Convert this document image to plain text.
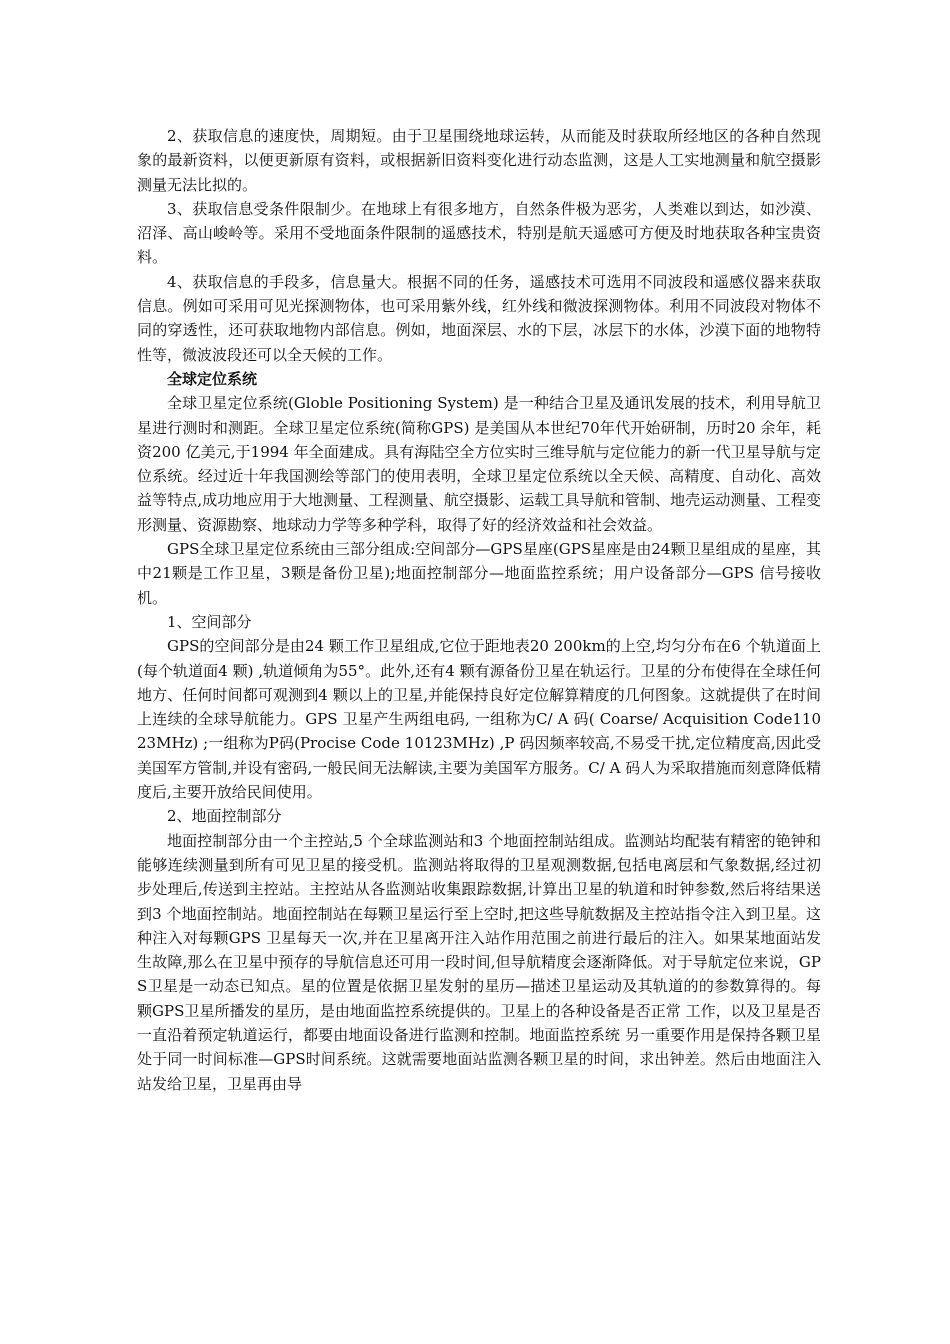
2、获取信息的速度快，周期短。由于卫星围绕地球运转，从而能及时获取所经地区的各种自然现象的最新资料，以便更新原有资料，或根据新旧资料变化进行动态监测，这是人工实地测量和航空摄影测量无法比拟的。

3、获取信息受条件限制少。在地球上有很多地方，自然条件极为恶劣，人类难以到达，如沙漠、沼泽、高山峻岭等。采用不受地面条件限制的遥感技术，特别是航天遥感可方便及时地获取各种宝贵资料。

4、获取信息的手段多，信息量大。根据不同的任务，遥感技术可选用不同波段和遥感仪器来获取信息。例如可采用可见光探测物体，也可采用紫外线，红外线和微波探测物体。利用不同波段对物体不同的穿透性，还可获取地物内部信息。例如，地面深层、水的下层，冰层下的水体，沙漠下面的地物特性等，微波波段还可以全天候的工作。

全球定位系统

全球卫星定位系统(Globle Positioning System) 是一种结合卫星及通讯发展的技术，利用导航卫星进行测时和测距。全球卫星定位系统(简称GPS) 是美国从本世纪70年代开始研制，历时20 余年，耗资200 亿美元,于1994 年全面建成。具有海陆空全方位实时三维导航与定位能力的新一代卫星导航与定位系统。经过近十年我国测绘等部门的使用表明，全球卫星定位系统以全天候、高精度、自动化、高效益等特点,成功地应用于大地测量、工程测量、航空摄影、运载工具导航和管制、地壳运动测量、工程变形测量、资源勘察、地球动力学等多种学科，取得了好的经济效益和社会效益。

GPS全球卫星定位系统由三部分组成:空间部分—GPS星座(GPS星座是由24颗卫星组成的星座，其中21颗是工作卫星，3颗是备份卫星);地面控制部分—地面监控系统；用户设备部分—GPS 信号接收机。

1、空间部分

GPS的空间部分是由24 颗工作卫星组成,它位于距地表20 200km的上空,均匀分布在6 个轨道面上(每个轨道面4 颗) ,轨道倾角为55°。此外,还有4 颗有源备份卫星在轨运行。卫星的分布使得在全球任何地方、任何时间都可观测到4 颗以上的卫星,并能保持良好定位解算精度的几何图象。这就提供了在时间上连续的全球导航能力。GPS 卫星产生两组电码, 一组称为C/ A 码( Coarse/ Acquisition Code11023MHz) ;一组称为P码(Procise Code 10123MHz) ,P 码因频率较高,不易受干扰,定位精度高,因此受美国军方管制,并设有密码,一般民间无法解读,主要为美国军方服务。C/ A 码人为采取措施而刻意降低精度后,主要开放给民间使用。

2、地面控制部分

地面控制部分由一个主控站,5 个全球监测站和3 个地面控制站组成。监测站均配装有精密的铯钟和能够连续测量到所有可见卫星的接受机。监测站将取得的卫星观测数据,包括电离层和气象数据,经过初步处理后,传送到主控站。主控站从各监测站收集跟踪数据,计算出卫星的轨道和时钟参数,然后将结果送到3 个地面控制站。地面控制站在每颗卫星运行至上空时,把这些导航数据及主控站指令注入到卫星。这种注入对每颗GPS 卫星每天一次,并在卫星离开注入站作用范围之前进行最后的注入。如果某地面站发生故障,那么在卫星中预存的导航信息还可用一段时间,但导航精度会逐渐降低。对于导航定位来说，GPS卫星是一动态已知点。星的位置是依据卫星发射的星历—描述卫星运动及其轨道的的参数算得的。每颗GPS卫星所播发的星历，是由地面监控系统提供的。卫星上的各种设备是否正常 工作，以及卫星是否一直沿着预定轨道运行，都要由地面设备进行监测和控制。地面监控系统 另一重要作用是保持各颗卫星处于同一时间标准—GPS时间系统。这就需要地面站监测各颗卫星的时间，求出钟差。然后由地面注入站发给卫星，卫星再由导
